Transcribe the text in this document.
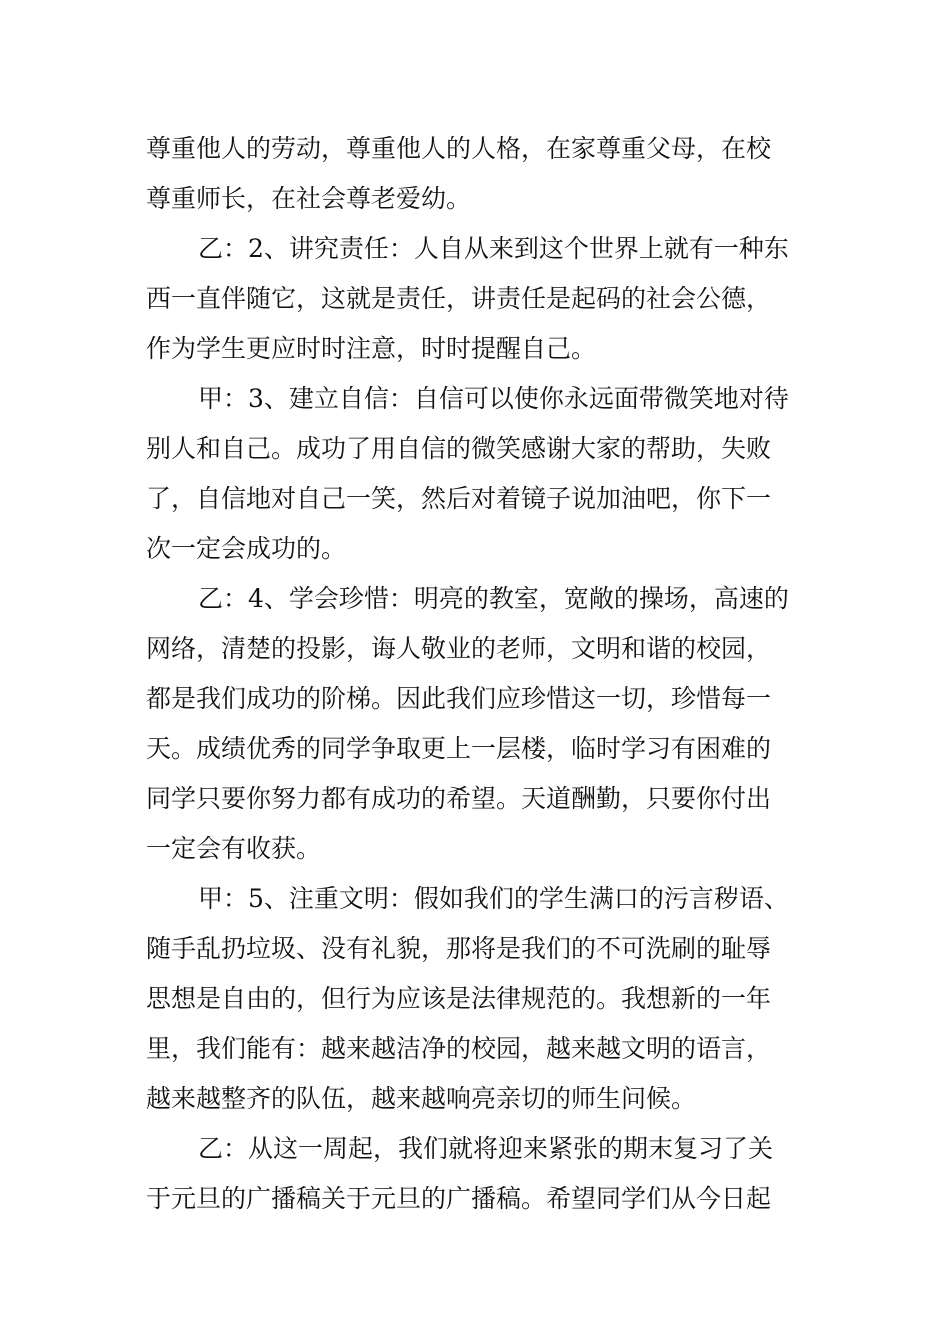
尊重他人的劳动，尊重他人的人格，在家尊重父母，在校
尊重师长，在社会尊老爱幼。
乙：2、讲究责任：人自从来到这个世界上就有一种东
西一直伴随它，这就是责任，讲责任是起码的社会公德，
作为学生更应时时注意，时时提醒自己。
甲：3、建立自信：自信可以使你永远面带微笑地对待
别人和自己。成功了用自信的微笑感谢大家的帮助，失败
了，自信地对自己一笑，然后对着镜子说加油吧，你下一
次一定会成功的。
乙：4、学会珍惜：明亮的教室，宽敞的操场，高速的
网络，清楚的投影，诲人敬业的老师，文明和谐的校园，
都是我们成功的阶梯。因此我们应珍惜这一切，珍惜每一
天。成绩优秀的同学争取更上一层楼，临时学习有困难的
同学只要你努力都有成功的希望。天道酬勤，只要你付出
一定会有收获。
甲：5、注重文明：假如我们的学生满口的污言秽语、
随手乱扔垃圾、没有礼貌，那将是我们的不可洗刷的耻辱
思想是自由的，但行为应该是法律规范的。我想新的一年
里，我们能有：越来越洁净的校园，越来越文明的语言，
越来越整齐的队伍，越来越响亮亲切的师生问候。
乙：从这一周起，我们就将迎来紧张的期末复习了关
于元旦的广播稿关于元旦的广播稿。希望同学们从今日起
